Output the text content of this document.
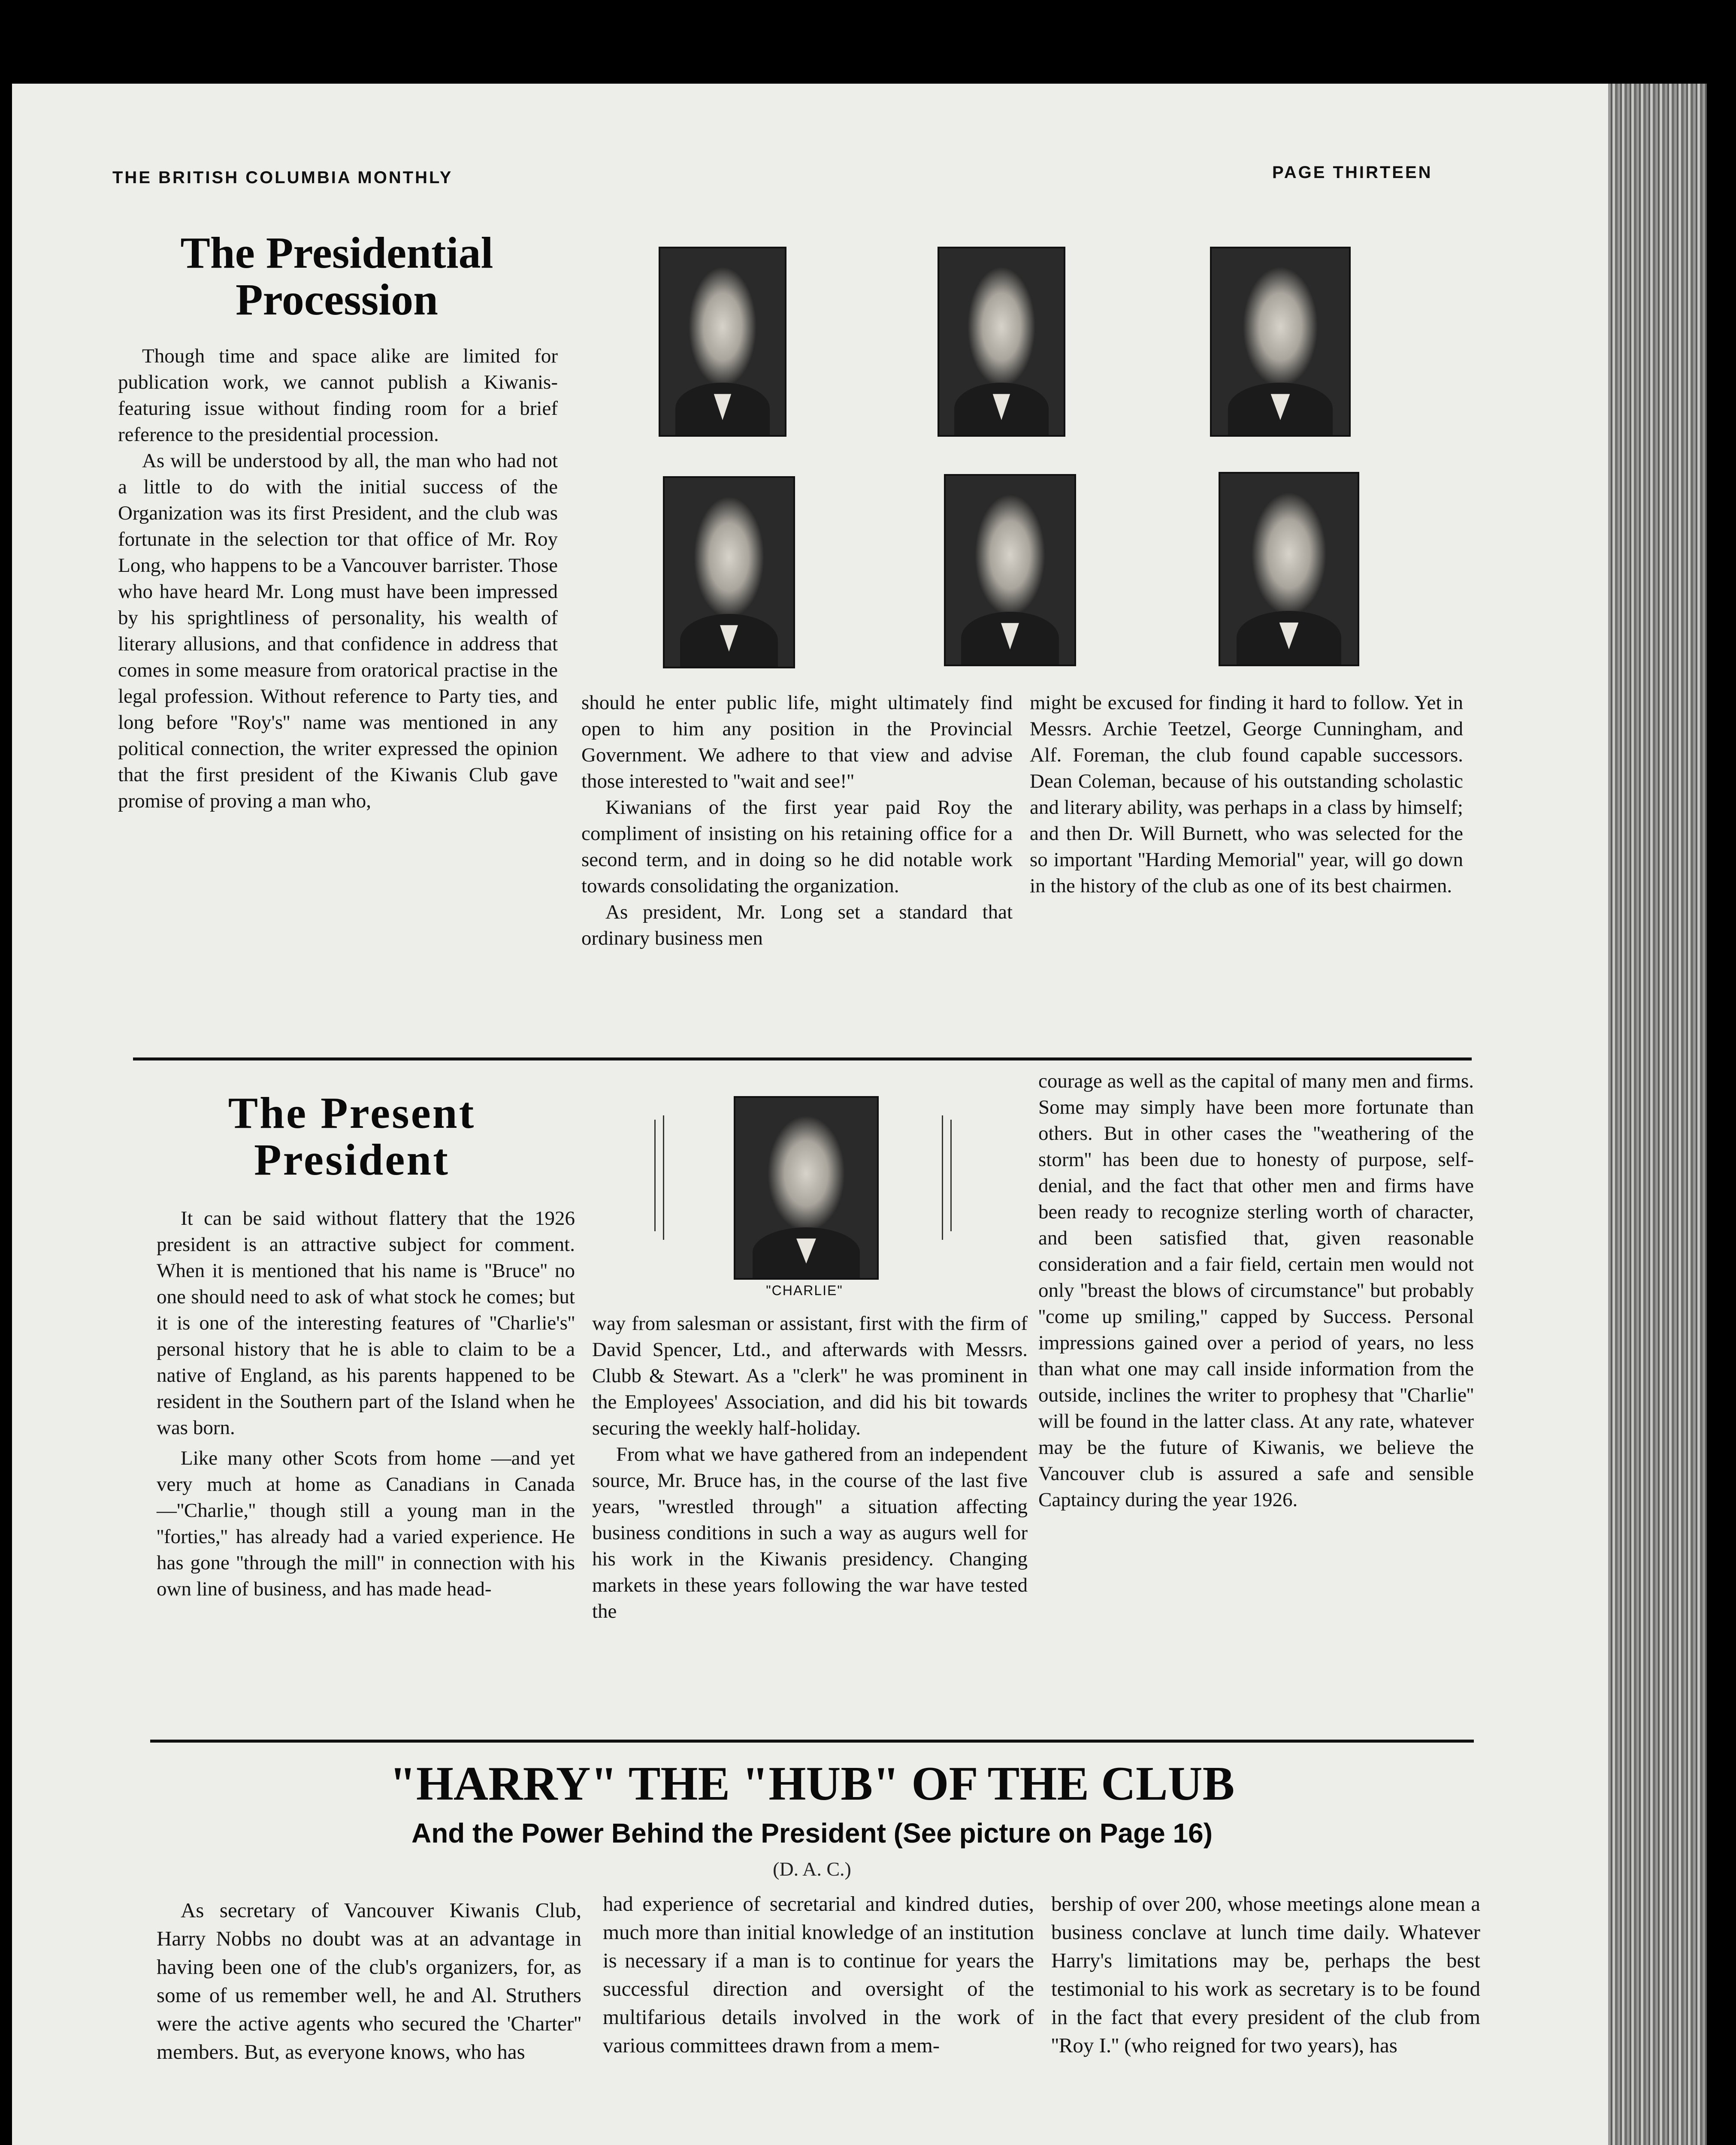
THE BRITISH COLUMBIA MONTHLY	PAGE THIRTEEN
The Presidential
Procession

Though time and space alike are limited for publication work, we cannot publish a Kiwanis-featuring issue without finding room for a brief reference to the presidential procession.

As will be understood by all, the man who had not a little to do with the initial success of the Organization was its first President, and the club was fortunate in the selection tor that office of Mr. Roy Long, who happens to be a Vancouver barrister. Those who have heard Mr. Long must have been impressed by his sprightliness of personality, his wealth of literary allusions, and that confidence in address that comes in some measure from oratorical practise in the legal profession. Without reference to Party ties, and long before ''Roy's'' name was mentioned in any political connection, the writer expressed the opinion that the first president of the Kiwanis Club gave promise of proving a man who,

should he enter public life, might ultimately find open to him any position in the Provincial Government. We adhere to that view and advise those interested to ''wait and see!''

Kiwanians of the first year paid Roy the compliment of insisting on his retaining office for a second term, and in doing so he did notable work towards consolidating the organization.

As president, Mr. Long set a standard that ordinary business men

might be excused for finding it hard to follow. Yet in Messrs. Archie Teetzel, George Cunningham, and Alf. Foreman, the club found capable successors. Dean Coleman, because of his outstanding scholastic and literary ability, was perhaps in a class by himself; and then Dr. Will Burnett, who was selected for the so important ''Harding Memorial'' year, will go down in the history of the club as one of its best chairmen.

The Present
President

It can be said without flattery that the 1926 president is an attractive subject for comment. When it is mentioned that his name is ''Bruce'' no one should need to ask of what stock he comes; but it is one of the interesting features of ''Charlie's'' personal history that he is able to claim to be a native of England, as his parents happened to be resident in the Southern part of the Island when he was born.

Like many other Scots from home —and yet very much at home as Canadians in Canada—''Charlie,'' though still a young man in the ''forties,'' has already had a varied experience. He has gone ''through the mill'' in connection with his own line of business, and has made head-

"CHARLIE"

way from salesman or assistant, first with the firm of David Spencer, Ltd., and afterwards with Messrs. Clubb & Stewart. As a ''clerk'' he was prominent in the Employees' Association, and did his bit towards securing the weekly half-holiday.

From what we have gathered from an independent source, Mr. Bruce has, in the course of the last five years, ''wrestled through'' a situation affecting business conditions in such a way as augurs well for his work in the Kiwanis presidency. Changing markets in these years following the war have tested the

courage as well as the capital of many men and firms. Some may simply have been more fortunate than others. But in other cases the ''weathering of the storm'' has been due to honesty of purpose, self-denial, and the fact that other men and firms have been ready to recognize sterling worth of character, and been satisfied that, given reasonable consideration and a fair field, certain men would not only ''breast the blows of circumstance'' but probably ''come up smiling,'' capped by Success. Personal impressions gained over a period of years, no less than what one may call inside information from the outside, inclines the writer to prophesy that ''Charlie'' will be found in the latter class. At any rate, whatever may be the future of Kiwanis, we believe the Vancouver club is assured a safe and sensible Captaincy during the year 1926.

"HARRY" THE "HUB" OF THE CLUB
And the Power Behind the President (See picture on Page 16)
(D. A. C.)

As secretary of Vancouver Kiwanis Club, Harry Nobbs no doubt was at an advantage in having been one of the club's organizers, for, as some of us remember well, he and Al. Struthers were the active agents who secured the 'Charter'' members. But, as everyone knows, who has

had experience of secretarial and kindred duties, much more than initial knowledge of an institution is necessary if a man is to continue for years the successful direction and oversight of the multifarious details involved in the work of various committees drawn from a mem-

bership of over 200, whose meetings alone mean a business conclave at lunch time daily. Whatever Harry's limitations may be, perhaps the best testimonial to his work as secretary is to be found in the fact that every president of the club from ''Roy I.'' (who reigned for two years), has
